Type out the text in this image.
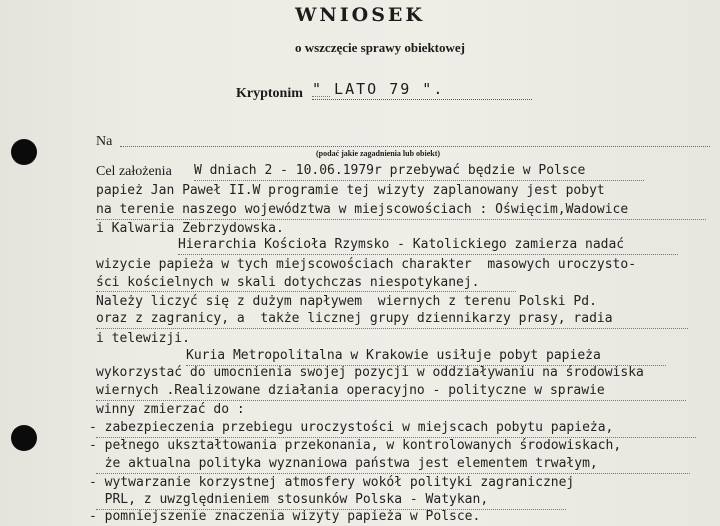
WNIOSEK
o wszczęcie sprawy obiektowej
Kryptonim " LATO 79 ".
Na
(podać jakie zagadnienia lub obiekt)
Cel założenia W dniach 2 - 10.06.1979r przebywać będzie w Polsce
papież Jan Paweł II.W programie tej wizyty zaplanowany jest pobyt
na terenie naszego województwa w miejscowościach : Oświęcim,Wadowice
i Kalwaria Zebrzydowska.
Hierarchia Kościoła Rzymsko - Katolickiego zamierza nadać
wizycie papieża w tych miejscowościach charakter  masowych uroczysto-
ści kościelnych w skali dotychczas niespotykanej.
Należy liczyć się z dużym napływem  wiernych z terenu Polski Pd.
oraz z zagranicy, a  także licznej grupy dziennikarzy prasy, radia
i telewizji.
Kuria Metropolitalna w Krakowie usiłuje pobyt papieża
wykorzystać do umocnienia swojej pozycji w oddziaływaniu na środowiska
wiernych .Realizowane działania operacyjno - polityczne w sprawie
winny zmierzać do :
- zabezpieczenia przebiegu uroczystości w miejscach pobytu papieża,
- pełnego ukształtowania przekonania, w kontrolowanych środowiskach,
że aktualna polityka wyznaniowa państwa jest elementem trwałym,
- wytwarzanie korzystnej atmosfery wokół polityki zagranicznej
PRL, z uwzględnieniem stosunków Polska - Watykan,
- pomniejszenie znaczenia wizyty papieża w Polsce.
